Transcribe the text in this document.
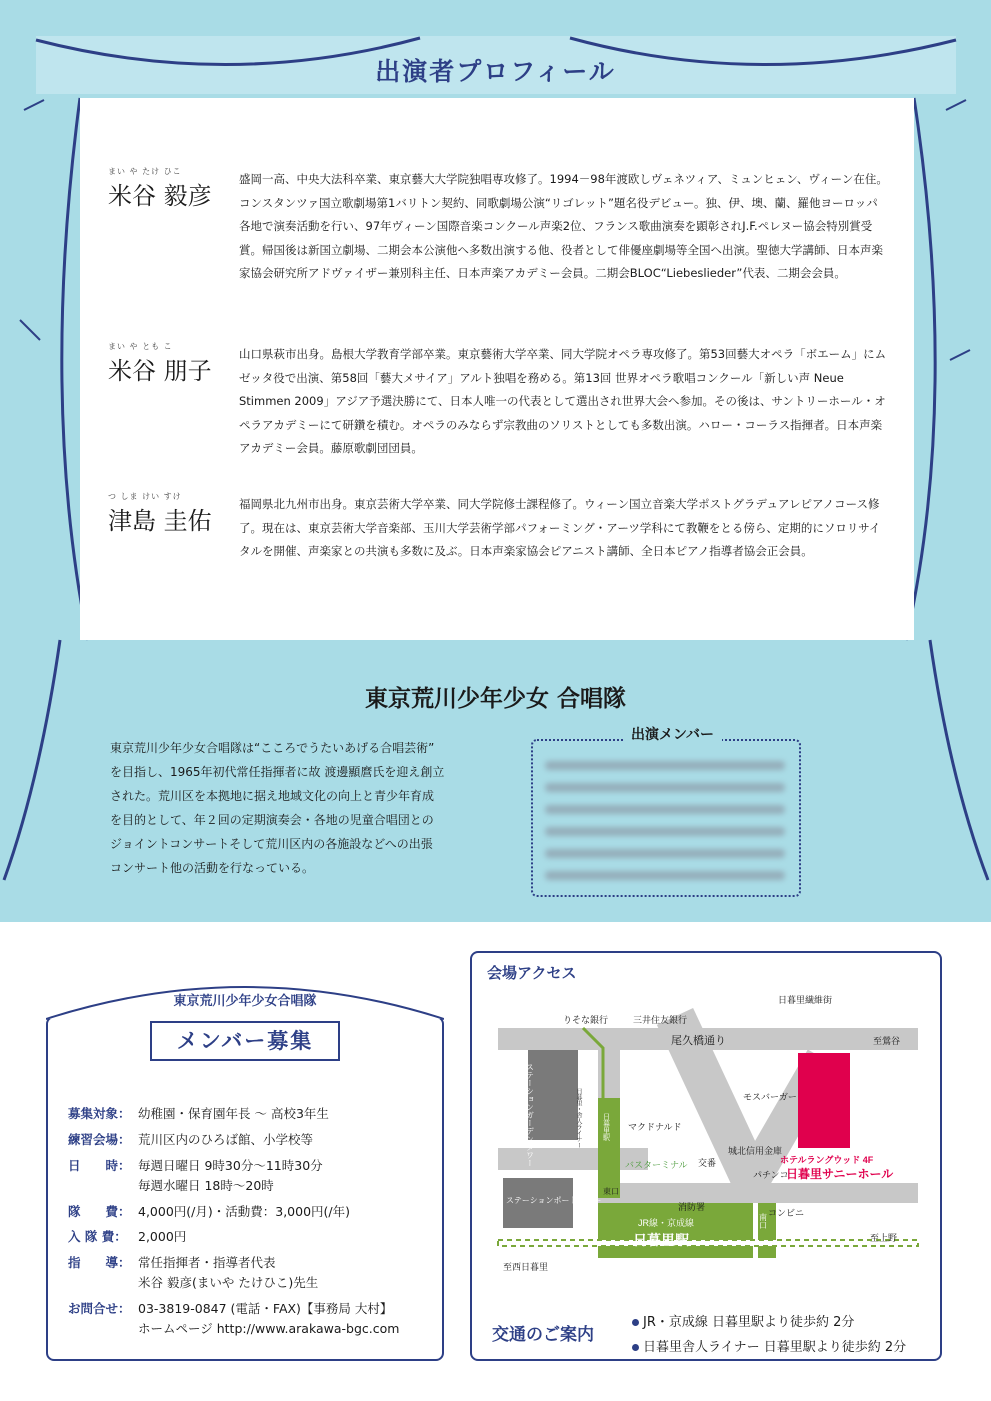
出演者プロフィール
まい や たけ ひこ
米谷 毅彦
盛岡一高、中央大法科卒業、東京藝大大学院独唱専攻修了。1994－98年渡欧しヴェネツィア、ミュンヒェン、ヴィーン在住。コンスタンツァ国立歌劇場第1バリトン契約、同歌劇場公演“リゴレット”題名役デビュー。独、伊、墺、蘭、羅他ヨーロッパ各地で演奏活動を行い、97年ヴィーン国際音楽コンクール声楽2位、フランス歌曲演奏を顕彰されJ.F.ペレヌー協会特別賞受賞。帰国後は新国立劇場、二期会本公演他へ多数出演する他、役者として俳優座劇場等全国へ出演。聖徳大学講師、日本声楽家協会研究所アドヴァイザー兼別科主任、日本声楽アカデミー会員。二期会BLOC“Liebeslieder”代表、二期会会員。
まい や とも こ
米谷 朋子
山口県萩市出身。島根大学教育学部卒業。東京藝術大学卒業、同大学院オペラ専攻修了。第53回藝大オペラ「ボエーム」にムゼッタ役で出演、第58回「藝大メサイア」アルト独唱を務める。第13回 世界オペラ歌唱コンクール「新しい声 Neue Stimmen 2009」アジア予選決勝にて、日本人唯一の代表として選出され世界大会へ参加。その後は、サントリーホール・オペラアカデミーにて研鑽を積む。オペラのみならず宗教曲のソリストとしても多数出演。ハロー・コーラス指揮者。日本声楽アカデミー会員。藤原歌劇団団員。
つ しま けい すけ
津島 圭佑
福岡県北九州市出身。東京芸術大学卒業、同大学院修士課程修了。ウィーン国立音楽大学ポストグラデュアレピアノコース修了。現在は、東京芸術大学音楽部、玉川大学芸術学部パフォーミング・アーツ学科にて教鞭をとる傍ら、定期的にソロリサイタルを開催、声楽家との共演も多数に及ぶ。日本声楽家協会ピアニスト講師、全日本ピアノ指導者協会正会員。
東京荒川少年少女 合唱隊
東京荒川少年少女合唱隊は“こころでうたいあげる合唱芸術”
を目指し、1965年初代常任指揮者に故 渡邊顯麿氏を迎え創立
された。荒川区を本拠地に据え地域文化の向上と青少年育成
を目的として、年２回の定期演奏会・各地の児童合唱団との
ジョイントコンサートそして荒川区内の各施設などへの出張
コンサート他の活動を行なっている。
出演メンバー
東京荒川少年少女合唱隊
メンバー募集
募集対象： 幼稚園・保育園年長 ～ 高校3年生
練習会場： 荒川区内のひろば館、小学校等
日　　時： 毎週日曜日 9時30分～11時30分
毎週水曜日 18時～20時
隊　　費： 4,000円(/月)・活動費：3,000円(/年)
入 隊 費： 2,000円
指　　導： 常任指揮者・指導者代表
米谷 毅彦(まいや たけひこ)先生
お問合せ： 03-3819-0847 (電話・FAX)【事務局 大村】
ホームページ http://www.arakawa-bgc.com
会場アクセス
りそな銀行	三井住友銀行
日暮里繊維街
尾久橋通り	至鶯谷
マクドナルド
モスバーガー
城北信用金庫
パチンコ
コンビニ
バスターミナル 交番
東口
消防署
ステーションポートタワー
JR線・京成線
日暮里駅	至上野
至西日暮里
ホテルラングウッド 4F
日暮里サニーホール
ステーションガーデンタワー	日暮里駅
日暮里・舎人ライナー
南口
交通のご案内
JR・京成線 日暮里駅より徒歩約 2分
日暮里舎人ライナー 日暮里駅より徒歩約 2分
